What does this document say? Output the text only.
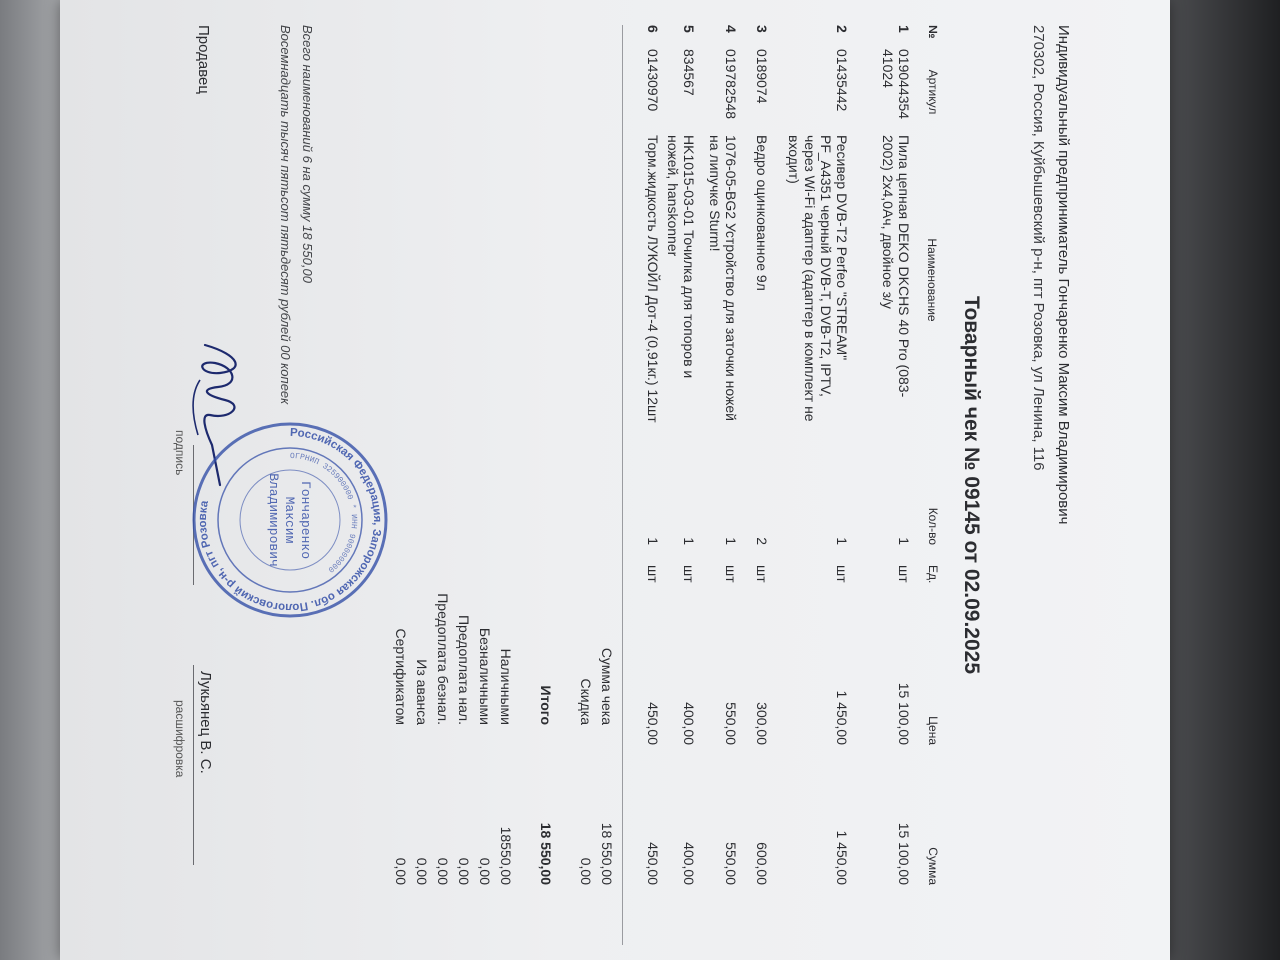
Индивидуальный предприниматель Гончаренко Максим Владимирович
270302, Россия, Куйбышевский р-н, пгт Розовка, ул Ленина, 116
Товарный чек № 09145 от 02.09.2025
№
Артикул
Наименование
Кол-во
Ед.
Цена
Сумма
1
019044354 41024
Пила цепная DEKO DKCHS 40 Pro (083-2002) 2x4,0Ач, двойное з/у
1
шт
15 100,00
15 100,00
2
01435442
Ресивер DVB-T2 Perfeo "STREAM" PF_A4351 черный DVB-T, DVB-T2, IPTV, через Wi-Fi адаптер (адаптер в комплект не входит)
1
шт
1 450,00
1 450,00
3
0189074
Ведро оцинкованное 9л
2
шт
300,00
600,00
4
019782548
1076-05-BG2 Устройство для заточки ножей на липучке Sturm!
1
шт
550,00
550,00
5
834567
HK1015-03-01 Точилка для топоров и ножей, hanskonner
1
шт
400,00
400,00
6
01430970
Торм.жидкость ЛУКОЙЛ Дот-4 (0,91кг.) 12шт
1
шт
450,00
450,00
Сумма чека
18 550,00
Скидка
0,00
Итого
18 550,00
Наличными
18550,00
Безналичными
0,00
Предоплата нал.
0,00
Предоплата безнал.
0,00
Из аванса
0,00
Сертификатом
0,00
Всего наименований 6 на сумму 18 550,00
Восемнадцать тысяч пятьсот пятьдесят рублей 00 копеек
Продавец
подпись
Лукьянец В. С.
расшифровка
Российская Федерация, Запорожская обл. Пологовский р-н, пгт Розовка
ОГРНИП 325900000 * ИНН 900000000
Гончаренко
Максим
Владимирович
